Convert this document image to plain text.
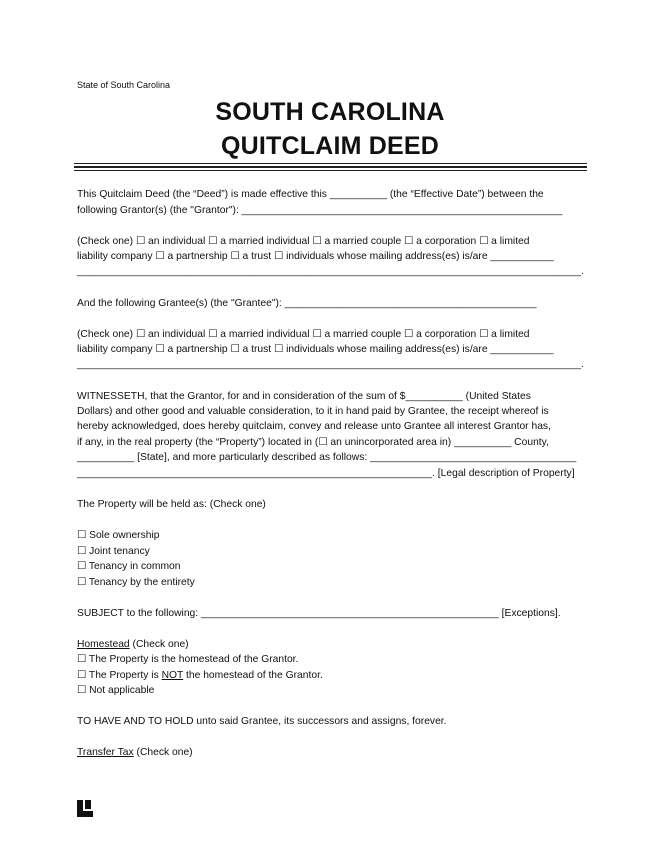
State of South Carolina
SOUTH CAROLINA
QUITCLAIM DEED
This Quitclaim Deed (the “Deed”) is made effective this __________ (the “Effective Date”) between the
following Grantor(s) (the "Grantor"): ________________________________________________________
(Check one) ☐ an individual ☐ a married individual ☐ a married couple ☐ a corporation ☐ a limited
liability company ☐ a partnership ☐ a trust ☐ individuals whose mailing address(es) is/are ___________
________________________________________________________________________________________.
And the following Grantee(s) (the "Grantee"): ____________________________________________
(Check one) ☐ an individual ☐ a married individual ☐ a married couple ☐ a corporation ☐ a limited
liability company ☐ a partnership ☐ a trust ☐ individuals whose mailing address(es) is/are ___________
________________________________________________________________________________________.
WITNESSETH, that the Grantor, for and in consideration of the sum of $__________ (United States
Dollars) and other good and valuable consideration, to it in hand paid by Grantee, the receipt whereof is
hereby acknowledged, does hereby quitclaim, convey and release unto Grantee all interest Grantor has,
if any, in the real property (the “Property”) located in (☐ an unincorporated area in) __________ County,
__________ [State], and more particularly described as follows: ____________________________________
______________________________________________________________. [Legal description of Property]
The Property will be held as: (Check one)
☐ Sole ownership
☐ Joint tenancy
☐ Tenancy in common
☐ Tenancy by the entirety
SUBJECT to the following: ____________________________________________________ [Exceptions].
Homestead (Check one)
☐ The Property is the homestead of the Grantor.
☐ The Property is NOT the homestead of the Grantor.
☐ Not applicable
TO HAVE AND TO HOLD unto said Grantee, its successors and assigns, forever.
Transfer Tax (Check one)
